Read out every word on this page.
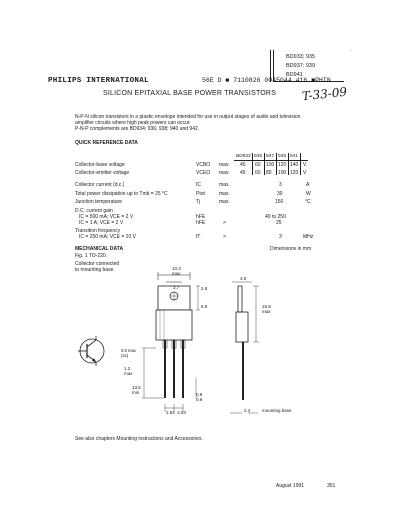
BD933; 935
BD937; 939
BD941
·
PHILIPS INTERNATIONAL	56E D ■ 7110826 0045044 416 ■PHIN
SILICON EPITAXIAL BASE POWER TRANSISTORS T-33-09
N-P-N silicon transistors in a plastic envelope intended for use in output stages of audio and television
amplifier circuits where high peak powers can occur.
P-N-P complements are BD934; 936; 938; 940 and 942.
QUICK REFERENCE DATA
BD933 935 937 939 941
Collector-base voltage	VCBO max. 45 60 100 120 140 V
Collector-emitter voltage	VCEO max. 45 60 80 100 120 V
Collector current (d.c.)	IC	max.	3	A
Total power dissipation up to Tmb = 25 °C	Ptot	max.	30	W
Junction temperature	Tj	max.	150	°C
D.C. current gain
IC = 500 mA; VCE = 2 V	hFE	40 to 250
IC = 1 A; VCE = 2 V	hFE	>	25
Transition frequency
IC = 250 mA; VCE = 10 V	fT	>	3	MHz
MECHANICAL DATA	Dimensions in mm
Fig. 1 TO-220.
Collector connected
to mounting base.	10.3
max
3.7	2.8
5.9
0.6 max
(2x)
1.2
max
13.5
min	0.9
0.6
2.54 2.54
4.5
15.8
max
2.4	mounting base
See also chapters Mounting instructions and Accessories.
August 1991	351
